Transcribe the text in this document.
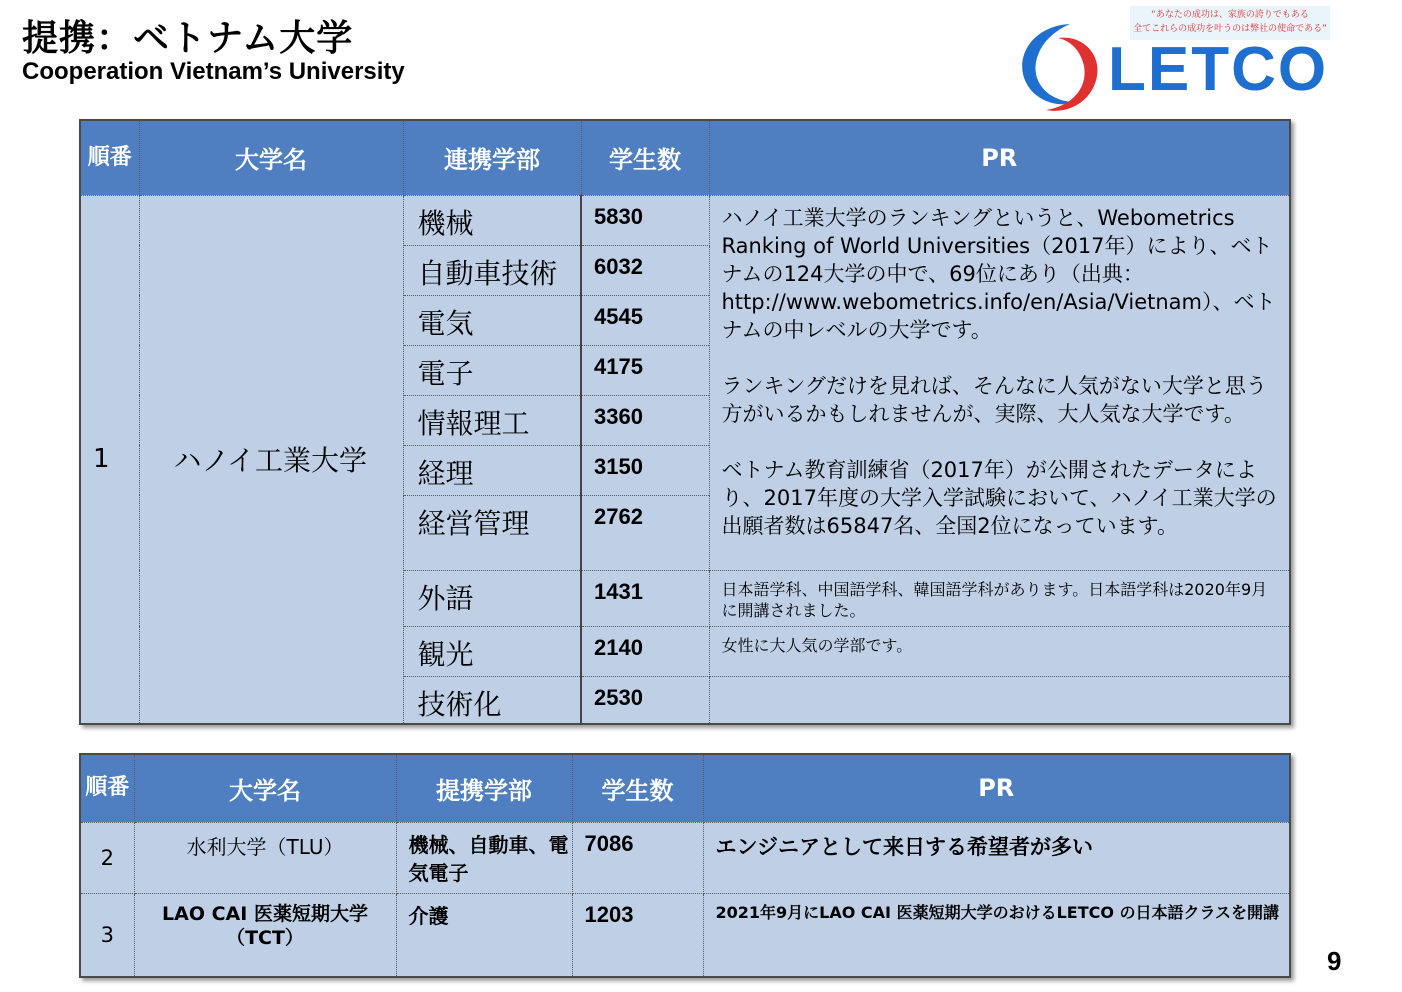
提携：ベトナム大学
Cooperation Vietnam’s University
“あなたの成功は、家族の誇りでもある
全てこれらの成功を叶うのは弊社の使命である”
LETCO
順番	大学名	連携学部	学生数	PR
1	ハノイ工業大学	機械	5830	ハノイ工業大学のランキングというと、Webometrics Ranking of World Universities（2017年）により、ベトナムの124大学の中で、69位にあり（出典：http://www.webometrics.info/en/Asia/Vietnam）、ベトナムの中レベルの大学です。

ランキングだけを見れば、そんなに人気がない大学と思う方がいるかもしれませんが、実際、大人気な大学です。

ベトナム教育訓練省（2017年）が公開されたデータにより、2017年度の大学入学試験において、ハノイ工業大学の出願者数は65847名、全国2位になっています。

		自動車技術	6032	
		電気	4545	
		電子	4175	
		情報理工	3360	
		経理	3150	
		経営管理	2762	
		外語	1431	日本語学科、中国語学科、韓国語学科があります。日本語学科は2020年9月に開講されました。
		観光	2140	女性に大人気の学部です。
		技術化	2530	
順番	大学名	提携学部	学生数	PR
2	水利大学（TLU）	機械、自動車、電気電子	7086	エンジニアとして来日する希望者が多い
3	LAO CAI 医薬短期大学（TCT）	介護	1203	2021年9月にLAO CAI 医薬短期大学のおけるLETCO の日本語クラスを開講
9
